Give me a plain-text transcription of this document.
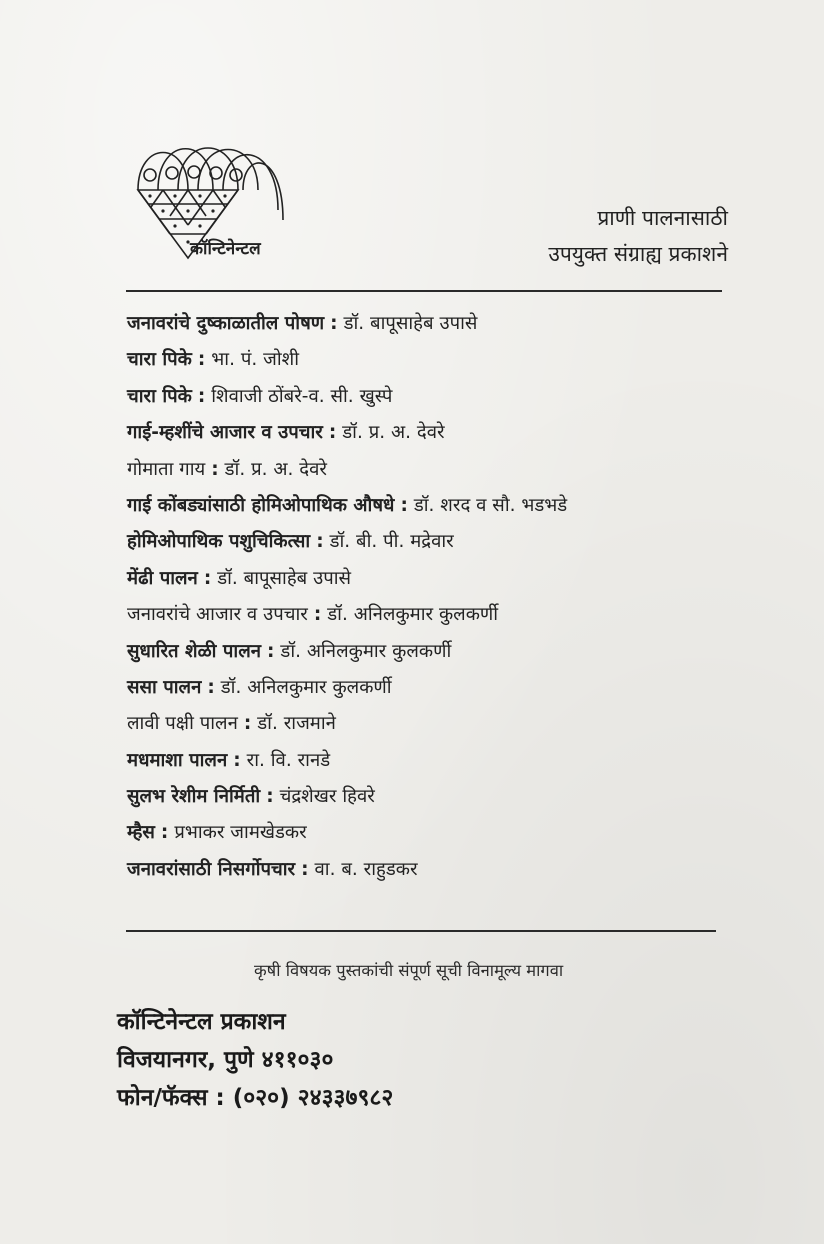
कॉन्टिनेन्टल
प्राणी पालनासाठी
उपयुक्त संग्राह्य प्रकाशने
जनावरांचे दुष्काळातील पोषण : डॉ. बापूसाहेब उपासे
चारा पिके : भा. पं. जोशी
चारा पिके : शिवाजी ठोंबरे-व. सी. खुस्पे
गाई-म्हशींचे आजार व उपचार : डॉ. प्र. अ. देवरे
गोमाता गाय : डॉ. प्र. अ. देवरे
गाई कोंबड्यांसाठी होमिओपाथिक औषधे : डॉ. शरद व सौ. भडभडे
होमिओपाथिक पशुचिकित्सा : डॉ. बी. पी. मद्रेवार
मेंढी पालन : डॉ. बापूसाहेब उपासे
जनावरांचे आजार व उपचार : डॉ. अनिलकुमार कुलकर्णी
सुधारित शेळी पालन : डॉ. अनिलकुमार कुलकर्णी
ससा पालन : डॉ. अनिलकुमार कुलकर्णी
लावी पक्षी पालन : डॉ. राजमाने
मधमाशा पालन : रा. वि. रानडे
सुलभ रेशीम निर्मिती : चंद्रशेखर हिवरे
म्हैस : प्रभाकर जामखेडकर
जनावरांसाठी निसर्गोपचार : वा. ब. राहुडकर
कृषी विषयक पुस्तकांची संपूर्ण सूची विनामूल्य मागवा
कॉन्टिनेन्टल प्रकाशन
विजयानगर, पुणे ४११०३०
फोन/फॅक्स : (०२०) २४३३७९८२
